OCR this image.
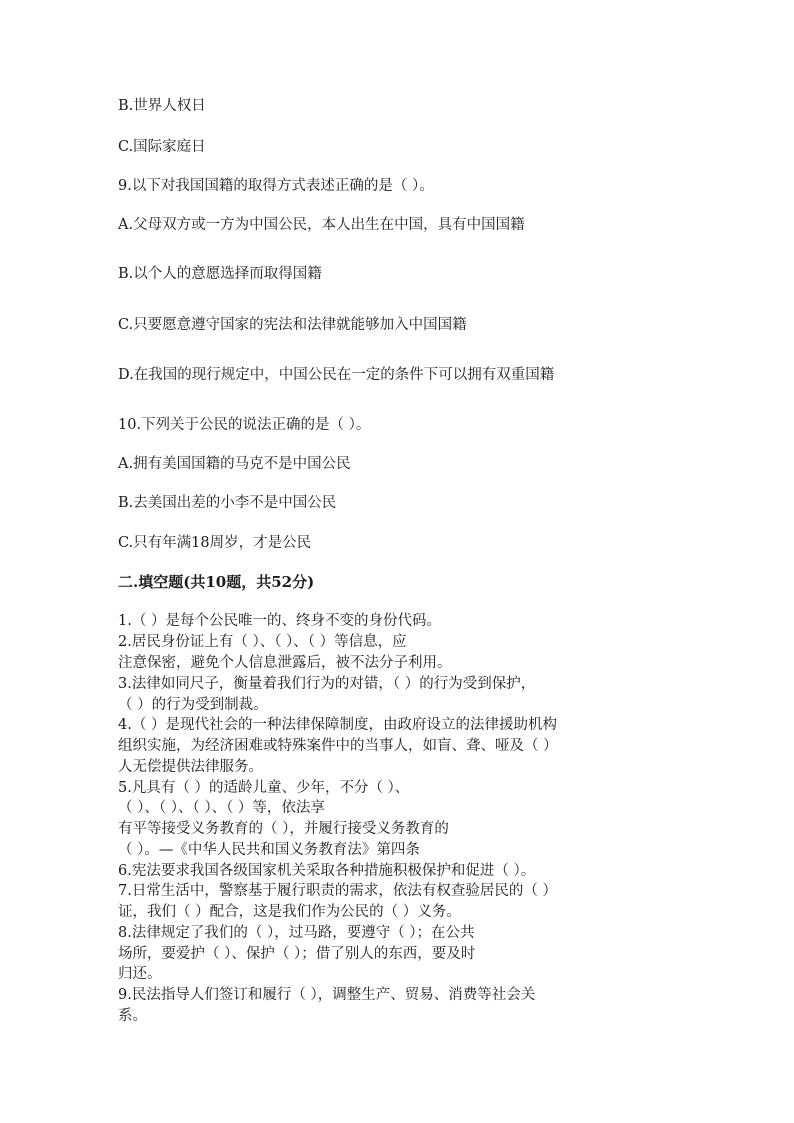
B.世界人权日
C.国际家庭日
9.以下对我国国籍的取得方式表述正确的是（ ）。
A.父母双方或一方为中国公民，本人出生在中国，具有中国国籍
B.以个人的意愿选择而取得国籍
C.只要愿意遵守国家的宪法和法律就能够加入中国国籍
D.在我国的现行规定中，中国公民在一定的条件下可以拥有双重国籍
10.下列关于公民的说法正确的是（ ）。
A.拥有美国国籍的马克不是中国公民
B.去美国出差的小李不是中国公民
C.只有年满18周岁，才是公民
二.填空题(共10题，共52分)
1.（ ）是每个公民唯一的、终身不变的身份代码。
2.居民身份证上有（ ）、（ ）、（ ）等信息，应
注意保密，避免个人信息泄露后，被不法分子利用。
3.法律如同尺子，衡量着我们行为的对错，（ ）的行为受到保护，
（ ）的行为受到制裁。
4.（ ）是现代社会的一种法律保障制度，由政府设立的法律援助机构
组织实施，为经济困难或特殊案件中的当事人，如盲、聋、哑及（ ）
人无偿提供法律服务。
5.凡具有（ ）的适龄儿童、少年，不分（ ）、
（ ）、（ ）、（ ）、（ ）等，依法享
有平等接受义务教育的（ ），并履行接受义务教育的
（ ）。—《中华人民共和国义务教育法》第四条
6.宪法要求我国各级国家机关采取各种措施积极保护和促进（ ）。
7.日常生活中，警察基于履行职责的需求，依法有权查验居民的（ ）
证，我们（ ）配合，这是我们作为公民的（ ）义务。
8.法律规定了我们的（ ），过马路，要遵守（ ）；在公共
场所，要爱护（ ）、保护（ ）；借了别人的东西，要及时
归还。
9.民法指导人们签订和履行（ ），调整生产、贸易、消费等社会关
系。
